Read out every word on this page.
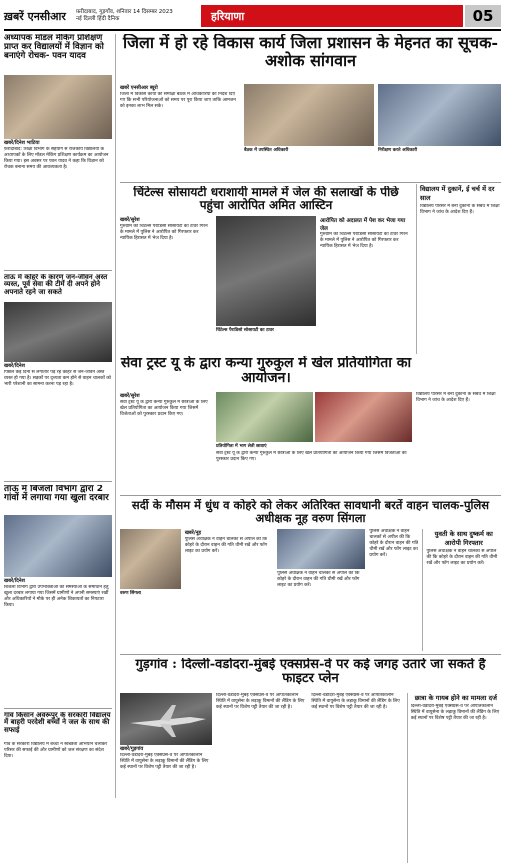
ख़बरें एनसीआर	फ़रीदाबाद, गुड़गाँव, शनिवार 14 दिसम्बर 2023
नई दिल्ली हिंदी दैनिक	हरियाणा	05
अध्यापक मॉडल मेकिंग प्रशिक्षण प्राप्त कर विद्यालयों में विज्ञान को बनाएंगे रोचक- पवन यादव
खबरें/दिनेश भाटिया
फ़रीदाबाद: शिक्षा विभाग के सहयोग से राजकीय विद्यालयों के अध्यापकों के लिए मॉडल मेकिंग प्रशिक्षण कार्यक्रम का आयोजन किया गया। इस अवसर पर पवन यादव ने कहा कि विज्ञान को रोचक बनाना समय की आवश्यकता है।
ताऊ में कोहरे के कारण जन-जीवन अस्त व्यस्त, पूर्व सेवा की टीमें दी अपने होने अपनाते रहने जा सकते
खबरें/दिनेश
पिछले कई दिनों से लगातार पड़ रहे कोहरे से जन-जीवन अस्त व्यस्त हो गया है। सड़कों पर दृश्यता कम होने से वाहन चालकों को भारी परेशानी का सामना करना पड़ रहा है।
ताऊ में बिजली विभाग द्वारा 2 गांवों में लगाया गया खुला दरबार
खबरें/दिनेश
बिजली विभाग द्वारा उपभोक्ताओं की समस्याओं के समाधान हेतु खुला दरबार लगाया गया जिसमें ग्रामीणों ने अपनी समस्याएं रखीं और अधिकारियों ने मौके पर ही अनेक शिकायतों का निपटारा किया।
गांव किसान अवरूपुर के सरकारी विद्यालय में बाहरी परदेशी बच्चों ने जल के साथ की सफाई
गांव के सरकारी विद्यालय में बच्चों ने स्वच्छता अभियान चलाकर परिसर की सफाई की और ग्रामीणों को जल संरक्षण का संदेश दिया।
जिला में हो रहे विकास कार्य जिला प्रशासन के मेहनत का सूचक-अशोक सांगवान
खबरें एनसीआर ब्यूरो
जिला में विकास कार्यों की समीक्षा बैठक में अधिकारियों को निर्देश दिए गए कि सभी परियोजनाओं को समय पर पूरा किया जाए ताकि आमजन को इनका लाभ मिल सके।
बैठक में उपस्थित अधिकारी	निरीक्षण करते अधिकारी
चिंटेल्स सोसायटी धराशायी मामले में जेल की सलाखों के पीछे पहुंचा आरोपित अमित आस्टिन
खबरें/सुरेश
गुरुग्राम की चिंटेल्स पैराडिसो सोसायटी का टावर गिरने के मामले में पुलिस ने आरोपित को गिरफ्तार कर न्यायिक हिरासत में भेज दिया है।
चिंटेल्स पैराडिसो सोसायटी का टावर
आरोपित को अदालत में पेश कर भेजा गया जेल
गुरुग्राम की चिंटेल्स पैराडिसो सोसायटी का टावर गिरने के मामले में पुलिस ने आरोपित को गिरफ्तार कर न्यायिक हिरासत में भेज दिया है।
विद्यालय में दुकानें, ई चर्च में दर साल
विद्यालय परिसर में बनी दुकानों के संबंध में शिक्षा विभाग ने जांच के आदेश दिए हैं।
सेवा ट्रस्ट यू के द्वारा कन्या गुरुकुल में खेल प्रतियोगिता का आयोजन।
खबरें/सुरेश
सेवा ट्रस्ट यू के द्वारा कन्या गुरुकुल में छात्राओं के लिए खेल प्रतियोगिता का आयोजन किया गया जिसमें विजेताओं को पुरस्कार प्रदान किए गए।
प्रतियोगिता में भाग लेती छात्राएं
सेवा ट्रस्ट यू के द्वारा कन्या गुरुकुल में छात्राओं के लिए खेल प्रतियोगिता का आयोजन किया गया जिसमें विजेताओं को पुरस्कार प्रदान किए गए।
विद्यालय परिसर में बनी दुकानों के संबंध में शिक्षा विभाग ने जांच के आदेश दिए हैं।
सर्दी के मौसम में धुंध व कोहरे को लेकर अतिरिक्त सावधानी बरतें वाहन चालक-पुलिस अधीक्षक नूह वरुण सिंगला
वरुण सिंगला
खबरें/नूह
पुलिस अधीक्षक ने वाहन चालकों से अपील की कि कोहरे के दौरान वाहन की गति धीमी रखें और फॉग लाइट का प्रयोग करें।
पुलिस अधीक्षक ने वाहन चालकों से अपील की कि कोहरे के दौरान वाहन की गति धीमी रखें और फॉग लाइट का प्रयोग करें।
पुलिस अधीक्षक ने वाहन चालकों से अपील की कि कोहरे के दौरान वाहन की गति धीमी रखें और फॉग लाइट का प्रयोग करें।
युवती के साथ दुष्कर्म का आरोपी गिरफ्तार
पुलिस अधीक्षक ने वाहन चालकों से अपील की कि कोहरे के दौरान वाहन की गति धीमी रखें और फॉग लाइट का प्रयोग करें।
गुड़गांव : दिल्ली-वडोदरा-मुंबई एक्सप्रेस-वे पर कई जगह उतारे जा सकते है फाइटर प्लेन
खबरें/गुड़गांव
दिल्ली-वडोदरा-मुंबई एक्सप्रेस-वे पर आपातकालीन स्थिति में वायुसेना के लड़ाकू विमानों की लैंडिंग के लिए कई स्थानों पर विशेष पट्टी तैयार की जा रही है।
दिल्ली-वडोदरा-मुंबई एक्सप्रेस-वे पर आपातकालीन स्थिति में वायुसेना के लड़ाकू विमानों की लैंडिंग के लिए कई स्थानों पर विशेष पट्टी तैयार की जा रही है।
दिल्ली-वडोदरा-मुंबई एक्सप्रेस-वे पर आपातकालीन स्थिति में वायुसेना के लड़ाकू विमानों की लैंडिंग के लिए कई स्थानों पर विशेष पट्टी तैयार की जा रही है।
छात्रा के गायब होने का मामला दर्ज
दिल्ली-वडोदरा-मुंबई एक्सप्रेस-वे पर आपातकालीन स्थिति में वायुसेना के लड़ाकू विमानों की लैंडिंग के लिए कई स्थानों पर विशेष पट्टी तैयार की जा रही है।
